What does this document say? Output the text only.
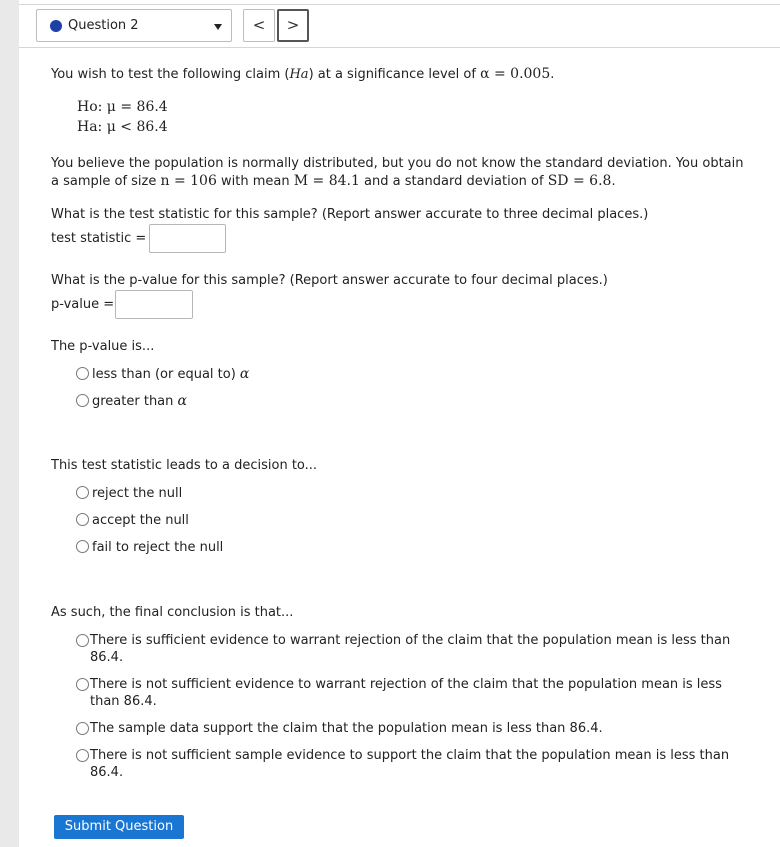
Question 2	<	>
You wish to test the following claim (Ha) at a significance level of α = 0.005.
Ho: μ = 86.4
Ha: μ < 86.4
You believe the population is normally distributed, but you do not know the standard deviation. You obtain
a sample of size n = 106 with mean M = 84.1 and a standard deviation of SD = 6.8.
What is the test statistic for this sample? (Report answer accurate to three decimal places.)
test statistic =
What is the p-value for this sample? (Report answer accurate to four decimal places.)
p-value =
The p-value is...
less than (or equal to) α
greater than α
This test statistic leads to a decision to...
reject the null
accept the null
fail to reject the null
As such, the final conclusion is that...
There is sufficient evidence to warrant rejection of the claim that the population mean is less than 86.4.
There is not sufficient evidence to warrant rejection of the claim that the population mean is less than 86.4.
The sample data support the claim that the population mean is less than 86.4.
There is not sufficient sample evidence to support the claim that the population mean is less than 86.4.
Submit Question
